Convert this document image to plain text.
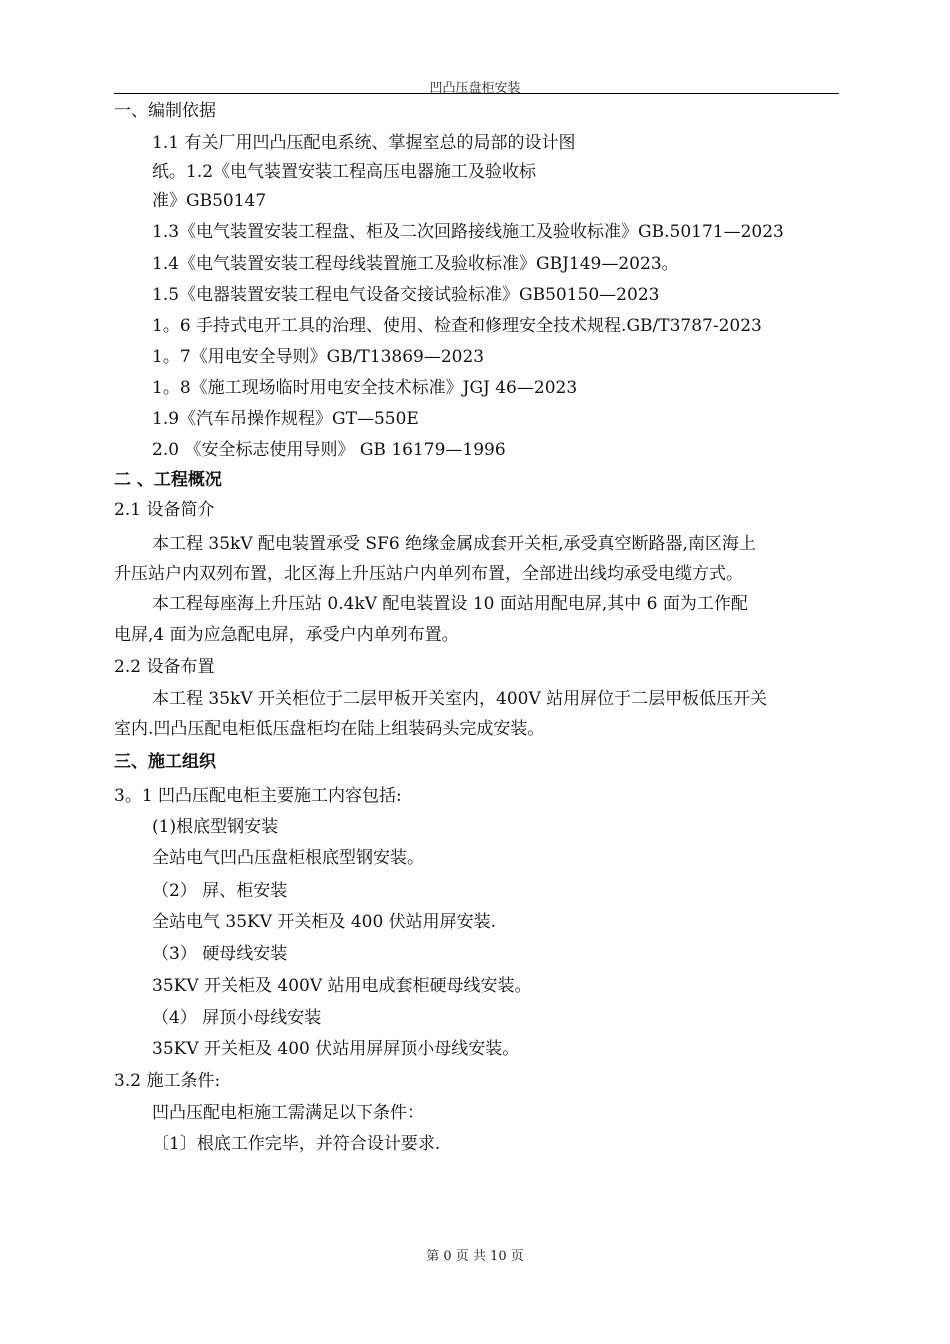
凹凸压盘柜安装
一、编制依据
1.1 有关厂用凹凸压配电系统、掌握室总的局部的设计图
纸。1.2《电气装置安装工程高压电器施工及验收标
准》GB50147
1.3《电气装置安装工程盘、柜及二次回路接线施工及验收标准》GB.50171—2023
1.4《电气装置安装工程母线装置施工及验收标准》GBJ149—2023。
1.5《电器装置安装工程电气设备交接试验标准》GB50150—2023
1。6 手持式电开工具的治理、使用、检查和修理安全技术规程.GB/T3787-2023
1。7《用电安全导则》GB/T13869—2023
1。8《施工现场临时用电安全技术标准》JGJ 46—2023
1.9《汽车吊操作规程》GT—550E
2.0 《安全标志使用导则》 GB 16179—1996
二 、工程概况
2.1 设备简介
本工程 35kV 配电装置承受 SF6 绝缘金属成套开关柜,承受真空断路器,南区海上
升压站户内双列布置，北区海上升压站户内单列布置，全部进出线均承受电缆方式。
本工程每座海上升压站 0.4kV 配电装置设 10 面站用配电屏,其中 6 面为工作配
电屏,4 面为应急配电屏，承受户内单列布置。
2.2 设备布置
本工程 35kV 开关柜位于二层甲板开关室内，400V 站用屏位于二层甲板低压开关
室内.凹凸压配电柜低压盘柜均在陆上组装码头完成安装。
三、施工组织
3。1 凹凸压配电柜主要施工内容包括:
(1)根底型钢安装
全站电气凹凸压盘柜根底型钢安装。
（2） 屏、柜安装
全站电气 35KV 开关柜及 400 伏站用屏安装.
（3） 硬母线安装
35KV 开关柜及 400V 站用电成套柜硬母线安装。
（4） 屏顶小母线安装
35KV 开关柜及 400 伏站用屏屏顶小母线安装。
3.2 施工条件:
凹凸压配电柜施工需满足以下条件：
〔1〕根底工作完毕，并符合设计要求.
第 0 页 共 10 页
